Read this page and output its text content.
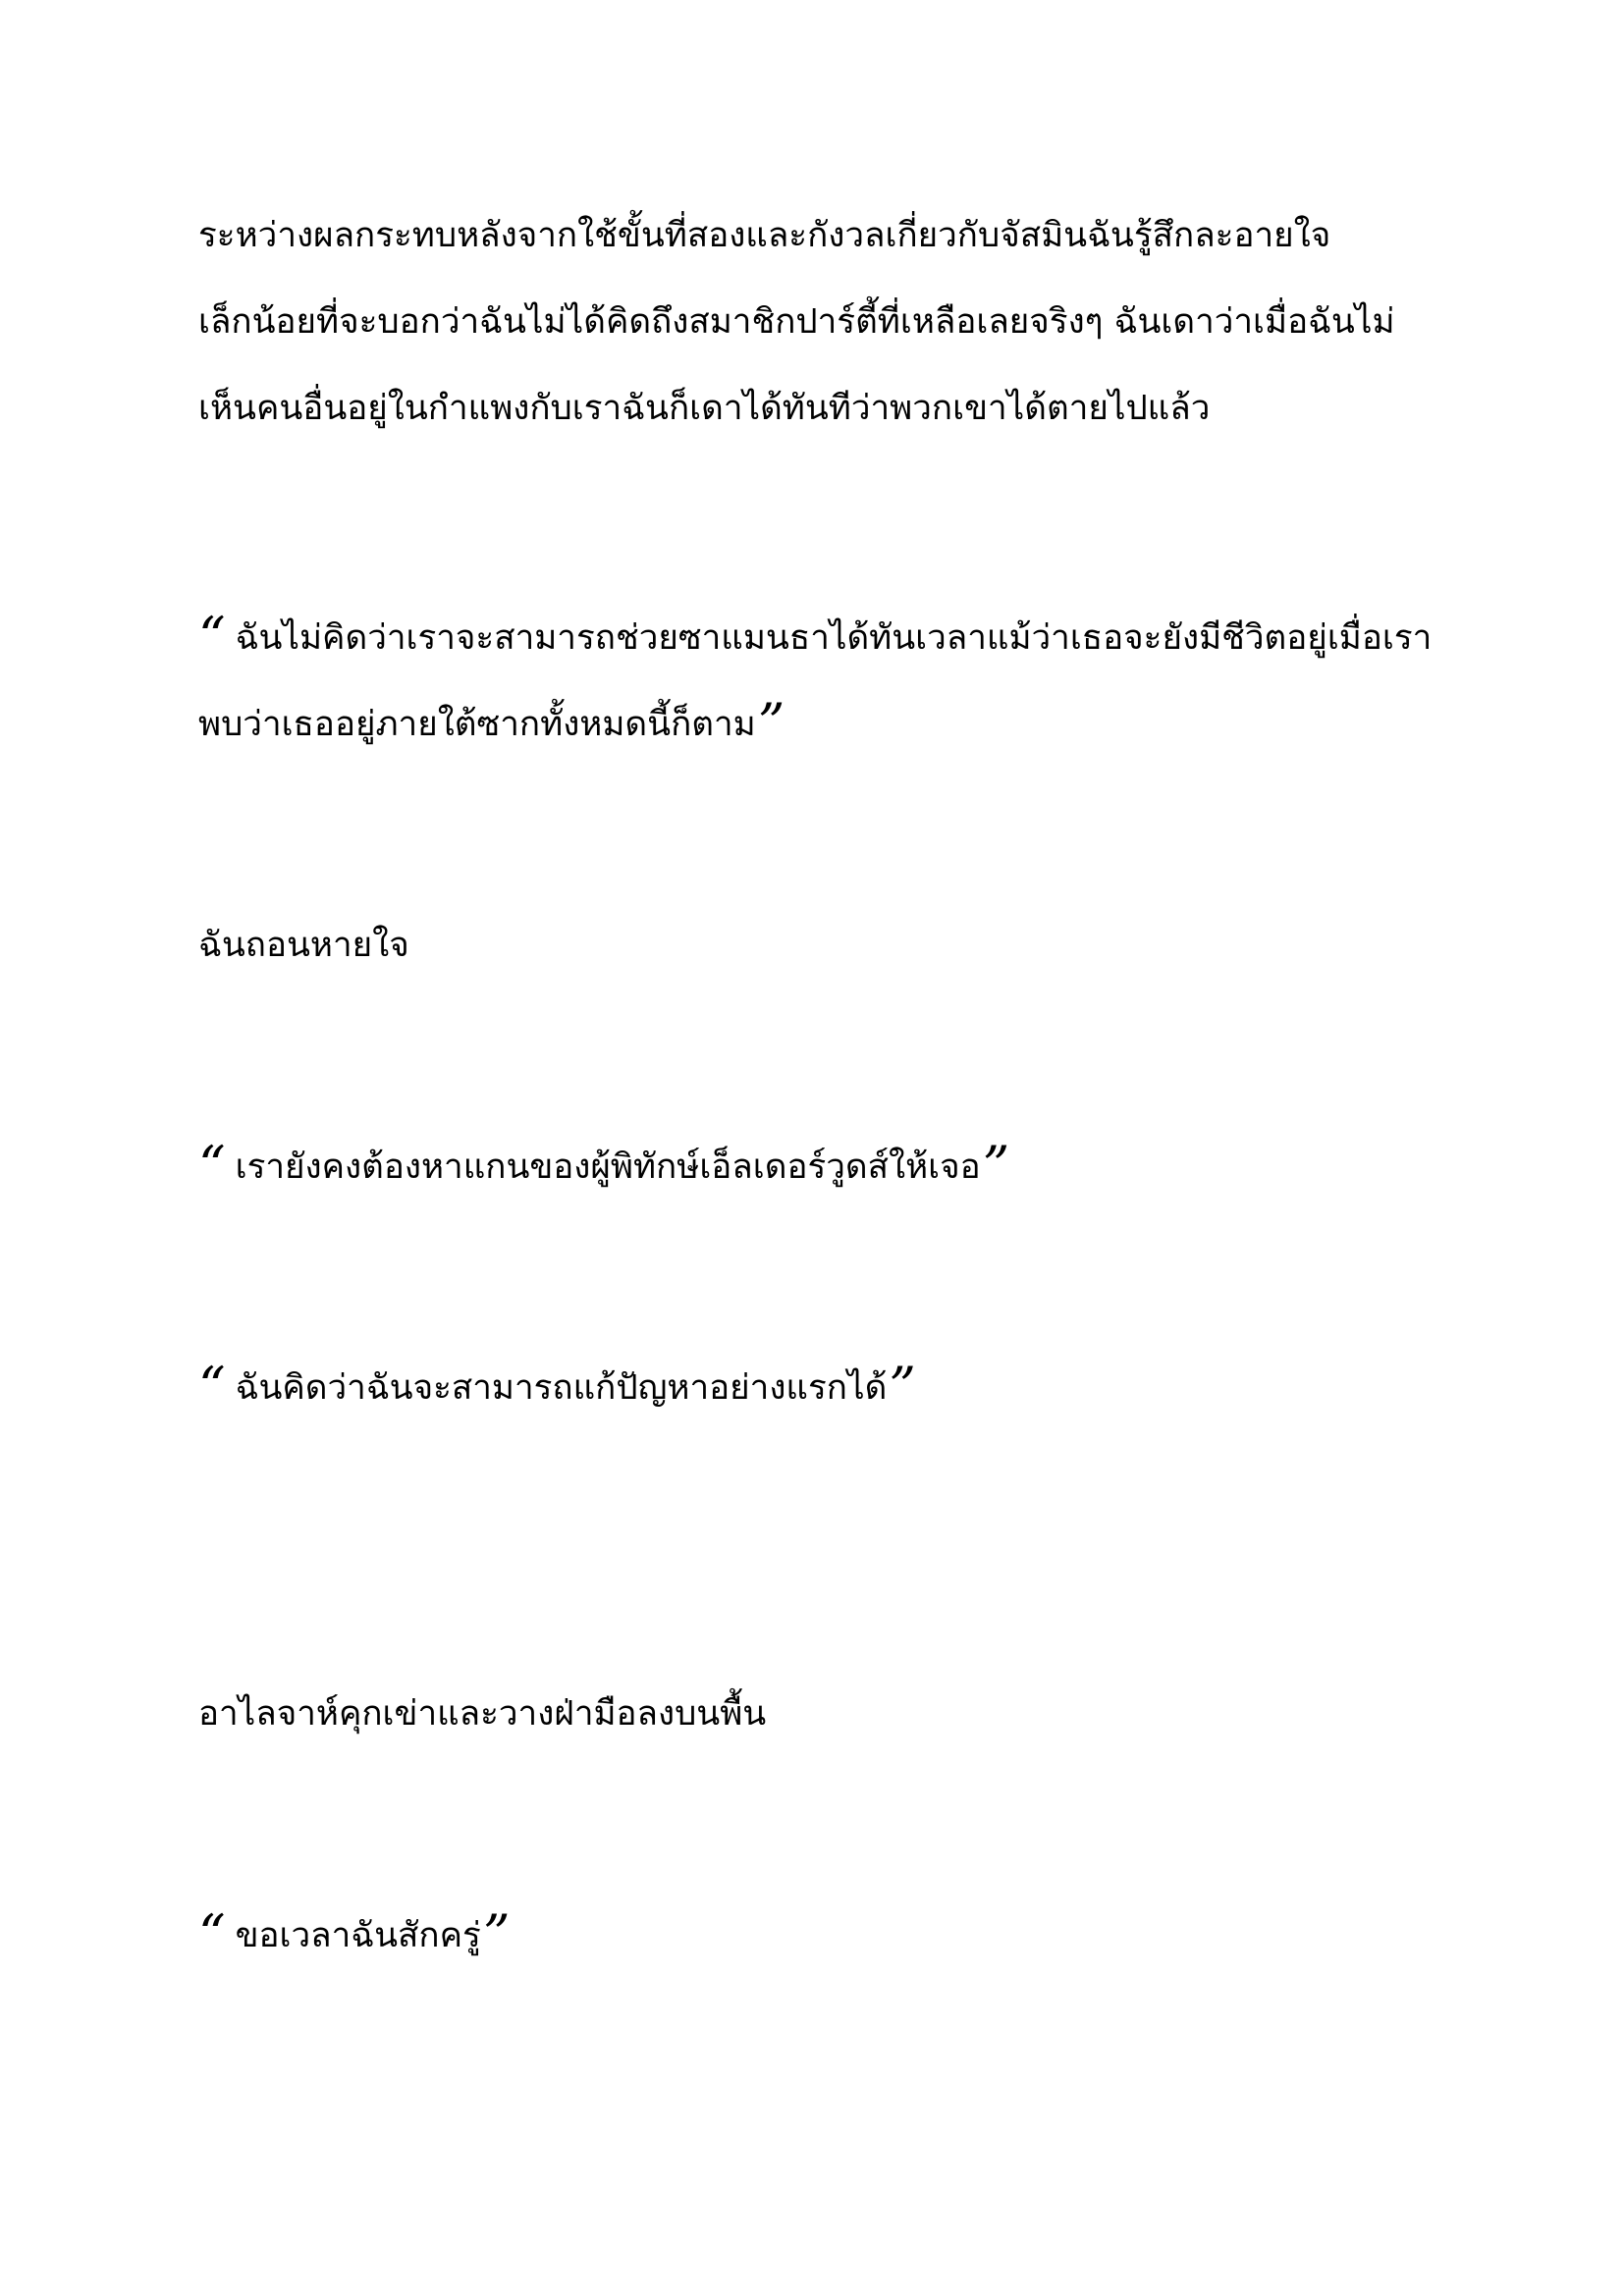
ระหว่างผลกระทบหลังจากใช้ขั้นที่สองและกังวลเกี่ยวกับจัสมินฉันรู้สึกละอายใจ
เล็กน้อยที่จะบอกว่าฉันไม่ได้คิดถึงสมาชิกปาร์ตี้ที่เหลือเลยจริงๆ ฉันเดาว่าเมื่อฉันไม่
เห็นคนอื่นอยู่ในกำแพงกับเราฉันก็เดาได้ทันทีว่าพวกเขาได้ตายไปแล้ว

“ ฉันไม่คิดว่าเราจะสามารถช่วยซาแมนธาได้ทันเวลาแม้ว่าเธอจะยังมีชีวิตอยู่เมื่อเรา
พบว่าเธออยู่ภายใต้ซากทั้งหมดนี้ก็ตาม”

ฉันถอนหายใจ

“ เรายังคงต้องหาแกนของผู้พิทักษ์เอ็ลเดอร์วูดส์ให้เจอ”

“ ฉันคิดว่าฉันจะสามารถแก้ปัญหาอย่างแรกได้”

อาไลจาห์คุกเข่าและวางฝ่ามือลงบนพื้น

“ ขอเวลาฉันสักครู่”
